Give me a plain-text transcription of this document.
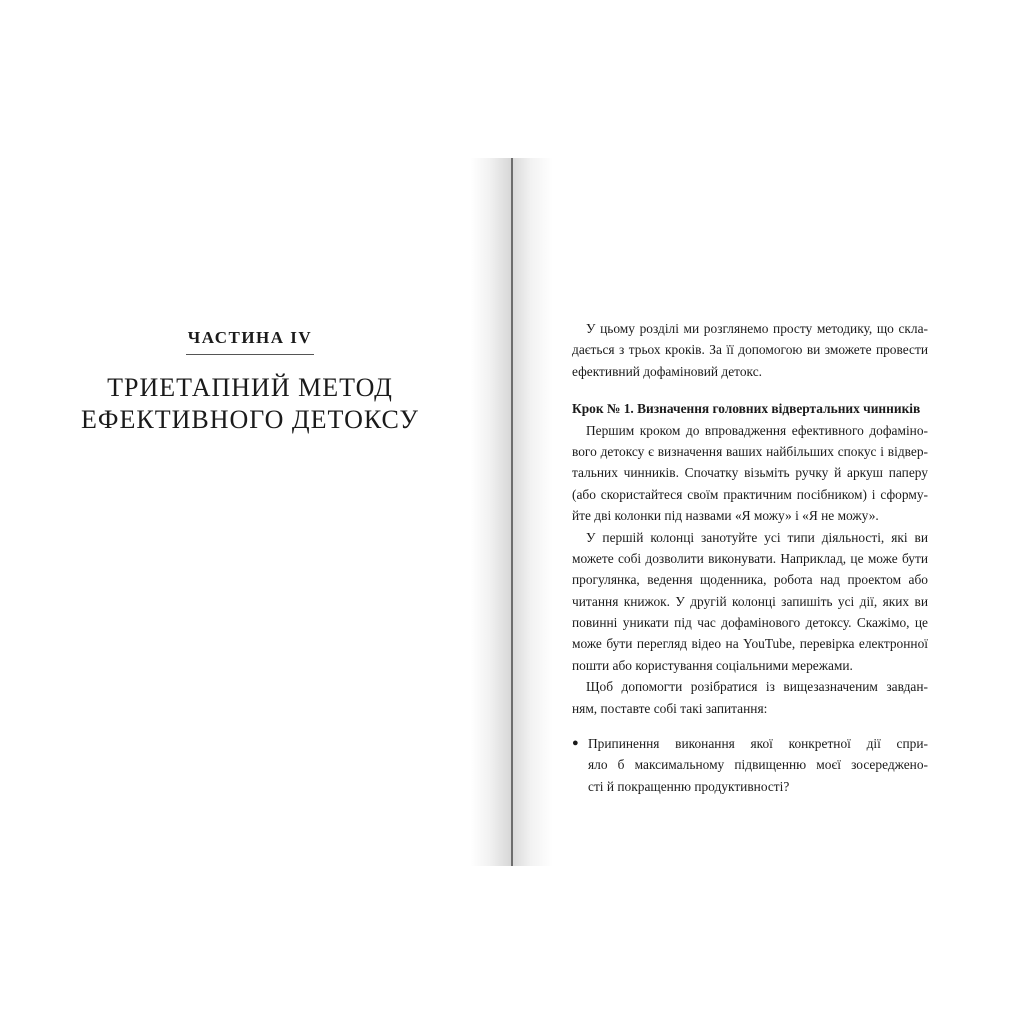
ЧАСТИНА IV
ТРИЕТАПНИЙ МЕТОД
ЕФЕКТИВНОГО ДЕТОКСУ
У цьому розділі ми розглянемо просту методику, що скла-
дається з трьох кроків. За її допомогою ви зможете провести
ефективний дофаміновий детокс.
Крок № 1. Визначення головних відвертальних чинників
Першим кроком до впровадження ефективного дофаміно-
вого детоксу є визначення ваших найбільших спокус і відвер-
тальних чинників. Спочатку візьміть ручку й аркуш паперу
(або скористайтеся своїм практичним посібником) і сформу-
йте дві колонки під назвами «Я можу» і «Я не можу».
У першій колонці занотуйте усі типи діяльності, які ви
можете собі дозволити виконувати. Наприклад, це може бути
прогулянка, ведення щоденника, робота над проектом або
читання книжок. У другій колонці запишіть усі дії, яких ви
повинні уникати під час дофамінового детоксу. Скажімо, це
може бути перегляд відео на YouTube, перевірка електронної
пошти або користування соціальними мережами.
Щоб допомогти розібратися із вищезазначеним завдан-
ням, поставте собі такі запитання:
● Припинення виконання якої конкретної дії спри-
яло б максимальному підвищенню моєї зосереджено-
сті й покращенню продуктивності?
